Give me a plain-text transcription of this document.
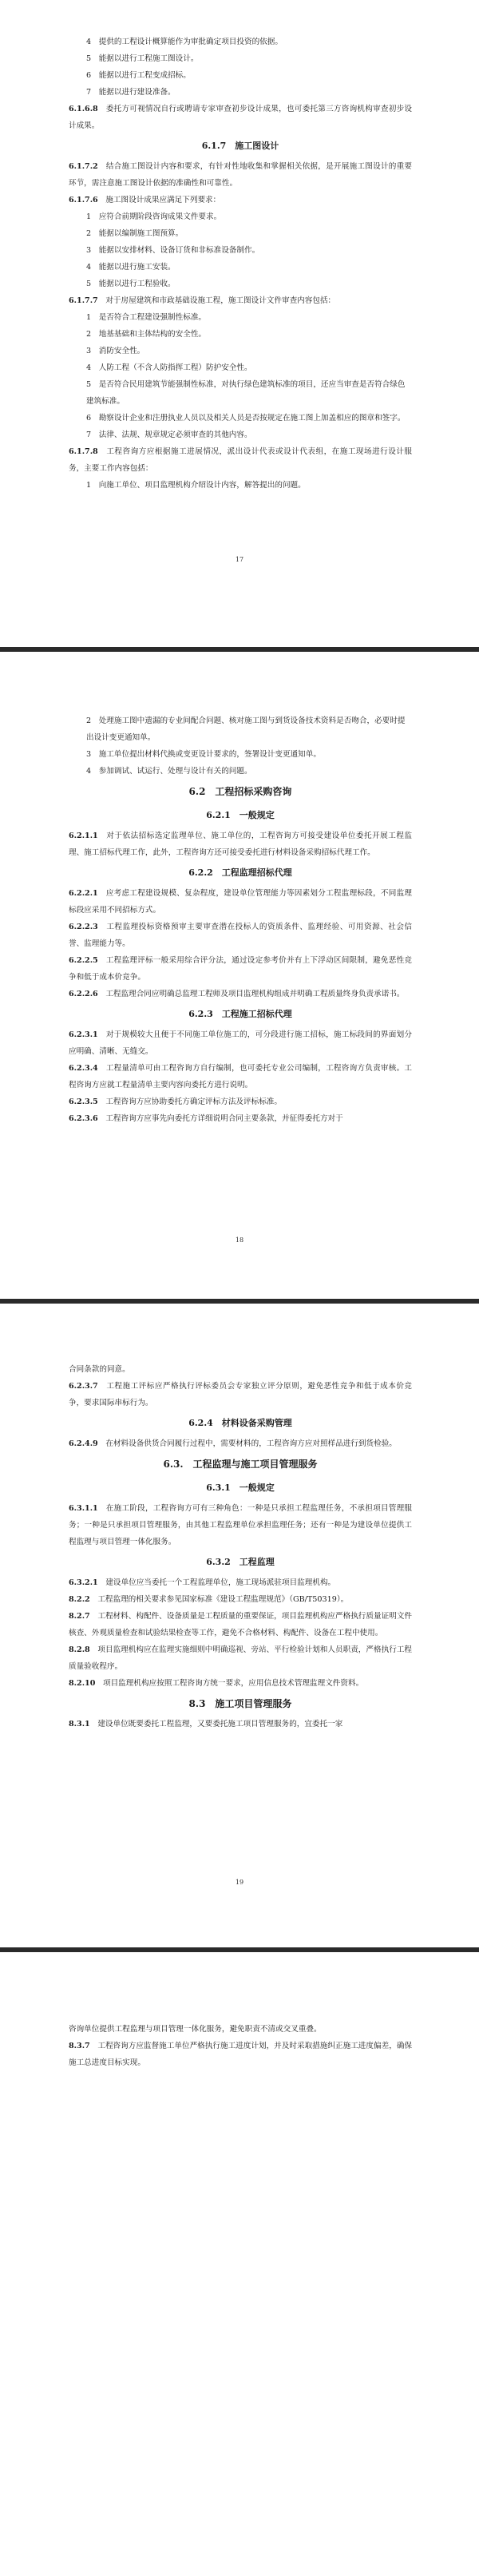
4　提供的工程设计概算能作为审批确定项目投资的依据。
5　能据以进行工程施工图设计。
6　能据以进行工程变成招标。
7　能据以进行建设准备。
6.1.6.8　 委托方可视情况自行或聘请专家审查初步设计成果，也可委托第三方咨询机构审查初步设计成果。
6.1.7　施工图设计
6.1.7.2　 结合施工图设计内容和要求，有针对性地收集和掌握相关依据，是开展施工图设计的重要环节，需注意施工图设计依据的准确性和可靠性。
6.1.7.6　 施工图设计成果应满足下列要求：
1　应符合前期阶段咨询成果文件要求。
2　能据以编制施工图预算。
3　能据以安排材料、设备订货和非标准设备制作。
4　能据以进行施工安装。
5　能据以进行工程验收。
6.1.7.7　 对于房屋建筑和市政基础设施工程，施工图设计文件审查内容包括：
1　是否符合工程建设强制性标准。
2　地基基础和主体结构的安全性。
3　消防安全性。
4　人防工程（不含人防指挥工程）防护安全性。
5　是否符合民用建筑节能强制性标准，对执行绿色建筑标准的项目，还应当审查是否符合绿色建筑标准。
6　勘察设计企业和注册执业人员以及相关人员是否按规定在施工图上加盖相应的图章和签字。
7　法律、法规、规章规定必须审查的其他内容。
6.1.7.8　 工程咨询方应根据施工进展情况，派出设计代表或设计代表组，在施工现场进行设计服务，主要工作内容包括：
1　向施工单位、项目监理机构介绍设计内容，解答提出的问题。
17
2　处理施工图中遗漏的专业间配合问题、核对施工图与到货设备技术资料是否吻合，必要时提出设计变更通知单。
3　施工单位提出材料代换或变更设计要求的，签署设计变更通知单。
4　参加调试、试运行、处理与设计有关的问题。
6.2　工程招标采购咨询
6.2.1　一般规定
6.2.1.1　 对于依法招标选定监理单位、施工单位的，工程咨询方可接受建设单位委托开展工程监理、施工招标代理工作，此外，工程咨询方还可接受委托进行材料设备采购招标代理工作。
6.2.2　工程监理招标代理
6.2.2.1　 应考虑工程建设规模、复杂程度，建设单位管理能力等因素划分工程监理标段，不同监理标段应采用不同招标方式。
6.2.2.3　 工程监理投标资格预审主要审查潜在投标人的资质条件、监理经验、可用资源、社会信誉、监理能力等。
6.2.2.5　 工程监理评标一般采用综合评分法，通过设定参考价并有上下浮动区间限制，避免恶性竞争和低于成本价竞争。
6.2.2.6　 工程监理合同应明确总监理工程师及项目监理机构组成并明确工程质量终身负责承诺书。
6.2.3　工程施工招标代理
6.2.3.1　 对于规模较大且便于不同施工单位施工的，可分段进行施工招标，施工标段间的界面划分应明确、清晰、无缝交。
6.2.3.4　 工程量清单可由工程咨询方自行编制，也可委托专业公司编制，工程咨询方负责审核。工程咨询方应就工程量清单主要内容向委托方进行说明。
6.2.3.5　 工程咨询方应协助委托方确定评标方法及评标标准。
6.2.3.6　 工程咨询方应事先向委托方详细说明合同主要条款，并征得委托方对于
18
合同条款的同意。
6.2.3.7　 工程施工评标应严格执行评标委员会专家独立评分原则，避免恶性竞争和低于成本价竞争，要求国际串标行为。
6.2.4　材料设备采购管理
6.2.4.9　 在材料设备供货合同履行过程中，需要材料的，工程咨询方应对照样品进行到货检验。
6.3.　工程监理与施工项目管理服务
6.3.1　一般规定
6.3.1.1　 在施工阶段，工程咨询方可有三种角色：一种是只承担工程监理任务，不承担项目管理服务；一种是只承担项目管理服务，由其他工程监理单位承担监理任务；还有一种是为建设单位提供工程监理与项目管理一体化服务。
6.3.2　工程监理
6.3.2.1　 建设单位应当委托一个工程监理单位，施工现场派驻项目监理机构。
8.2.2　 工程监理的相关要求参见国家标准《建设工程监理规范》（GB/T50319）。
8.2.7　 工程材料、构配件、设备质量是工程质量的重要保证，项目监理机构应严格执行质量证明文件核查、外观质量检查和试验结果检查等工作，避免不合格材料、构配件、设备在工程中使用。
8.2.8　 项目监理机构应在监理实施细则中明确巡视、旁站、平行检验计划和人员职责，严格执行工程质量验收程序。
8.2.10　 项目监理机构应按照工程咨询方统一要求，应用信息技术管理监理文件资料。
8.3　施工项目管理服务
8.3.1　 建设单位既要委托工程监理，又要委托施工项目管理服务的，宜委托一家
19
咨询单位提供工程监理与项目管理一体化服务，避免职责不清或交叉重叠。
8.3.7　 工程咨询方应监督施工单位严格执行施工进度计划，并及时采取措施纠正施工进度偏差，确保施工总进度目标实现。
